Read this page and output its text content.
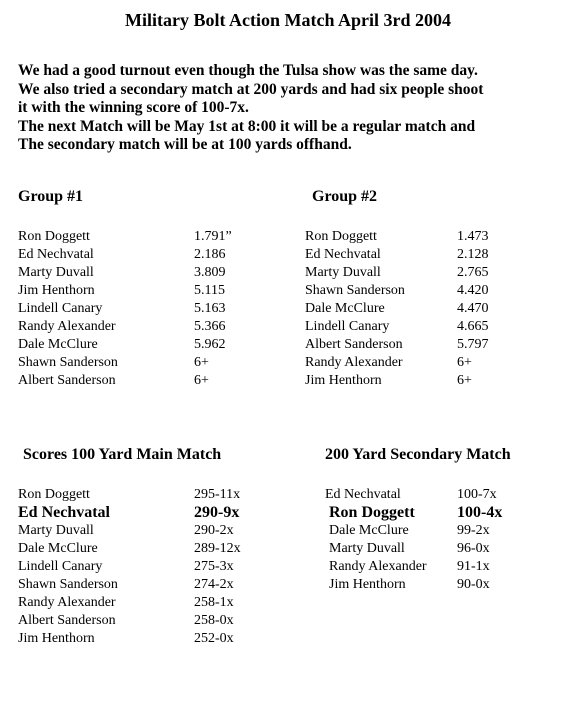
Military Bolt Action Match April 3rd 2004
We had a good turnout even though the Tulsa show was the same day.
We also tried a secondary match at 200 yards and had six people shoot
it with the winning score of 100-7x.
The next Match will be May 1st at 8:00 it will be a regular match and
The secondary match will be at 100 yards offhand.
Group #1
Ron Doggett	1.791”
Ed Nechvatal	2.186
Marty Duvall	3.809
Jim Henthorn	5.115
Lindell Canary	5.163
Randy Alexander	5.366
Dale McClure	5.962
Shawn Sanderson	6+
Albert Sanderson	6+
Group #2
Ron Doggett	1.473
Ed Nechvatal	2.128
Marty Duvall	2.765
Shawn Sanderson	4.420
Dale McClure	4.470
Lindell Canary	4.665
Albert Sanderson	5.797
Randy Alexander	6+
Jim Henthorn	6+
Scores 100 Yard Main Match
Ron Doggett	295-11x
Ed Nechvatal	290-9x
Marty Duvall	290-2x
Dale McClure	289-12x
Lindell Canary	275-3x
Shawn Sanderson	274-2x
Randy Alexander	258-1x
Albert Sanderson	258-0x
Jim Henthorn	252-0x
200 Yard Secondary Match
Ed Nechvatal	100-7x
Ron Doggett	100-4x
Dale McClure	99-2x
Marty Duvall	96-0x
Randy Alexander 91-1x
Jim Henthorn	90-0x
